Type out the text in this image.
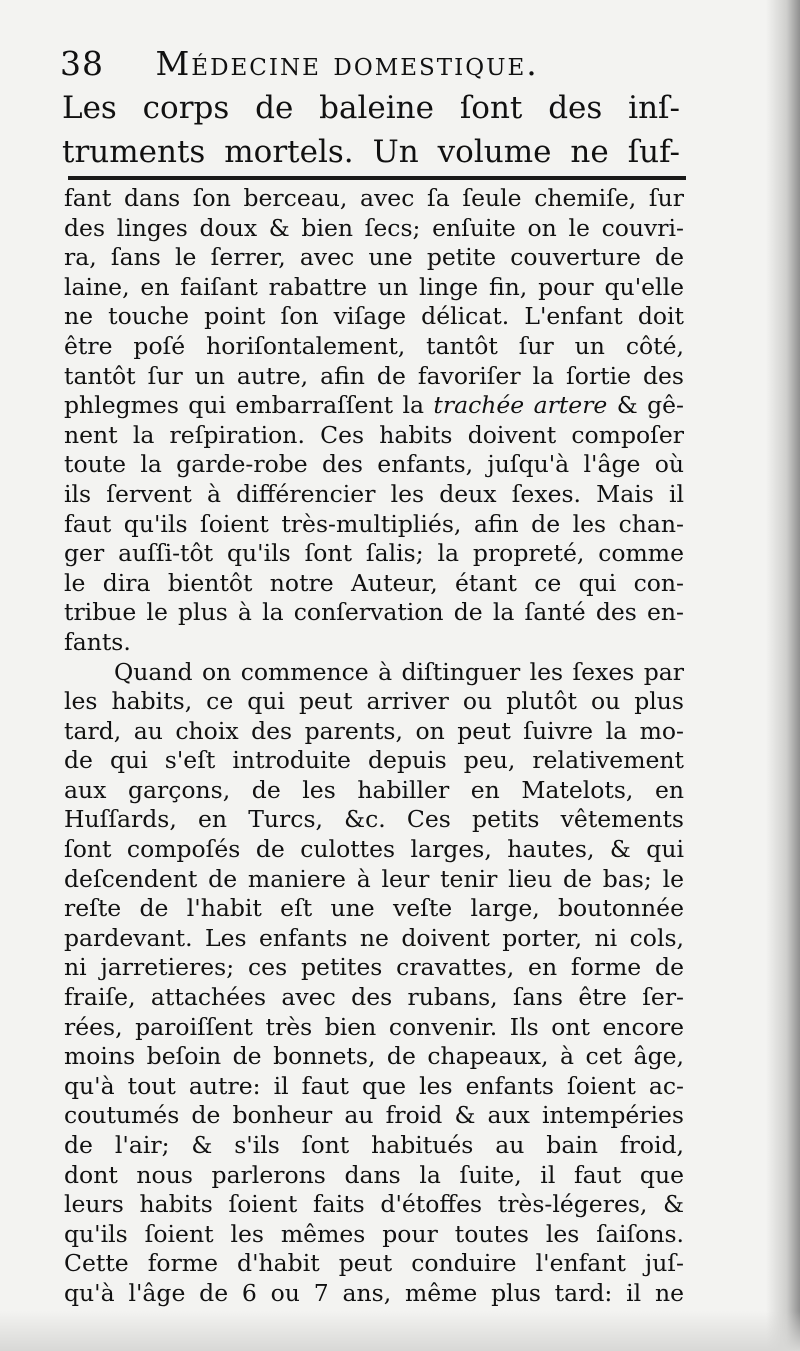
38 Médecine domestique.
Les corps de baleine ſont des inſ-
truments mortels. Un volume ne ſuf-
fant dans ſon berceau, avec ſa ſeule chemiſe, ſur
des linges doux & bien ſecs; enſuite on le couvri-
ra, ſans le ſerrer, avec une petite couverture de
laine, en faiſant rabattre un linge fin, pour qu'elle
ne touche point ſon viſage délicat. L'enfant doit
être poſé horiſontalement, tantôt ſur un côté,
tantôt ſur un autre, afin de favoriſer la ſortie des
phlegmes qui embarraſſent la trachée artere & gê-
nent la reſpiration. Ces habits doivent compoſer
toute la garde-robe des enfants, juſqu'à l'âge où
ils ſervent à différencier les deux ſexes. Mais il
faut qu'ils ſoient très-multipliés, afin de les chan-
ger auſſi-tôt qu'ils ſont ſalis; la propreté, comme
le dira bientôt notre Auteur, étant ce qui con-
tribue le plus à la conſervation de la ſanté des en-
fants.
Quand on commence à diſtinguer les ſexes par
les habits, ce qui peut arriver ou plutôt ou plus
tard, au choix des parents, on peut ſuivre la mo-
de qui s'eſt introduite depuis peu, relativement
aux garçons, de les habiller en Matelots, en
Huſſards, en Turcs, &c. Ces petits vêtements
ſont compoſés de culottes larges, hautes, & qui
deſcendent de maniere à leur tenir lieu de bas; le
reſte de l'habit eſt une veſte large, boutonnée
pardevant. Les enfants ne doivent porter, ni cols,
ni jarretieres; ces petites cravattes, en forme de
fraiſe, attachées avec des rubans, ſans être ſer-
rées, paroiſſent très bien convenir. Ils ont encore
moins beſoin de bonnets, de chapeaux, à cet âge,
qu'à tout autre: il faut que les enfants ſoient ac-
coutumés de bonheur au froid & aux intempéries
de l'air; & s'ils ſont habitués au bain froid,
dont nous parlerons dans la ſuite, il faut que
leurs habits ſoient faits d'étoffes très-légeres, &
qu'ils ſoient les mêmes pour toutes les ſaiſons.
Cette forme d'habit peut conduire l'enfant juſ-
qu'à l'âge de 6 ou 7 ans, même plus tard: il ne
